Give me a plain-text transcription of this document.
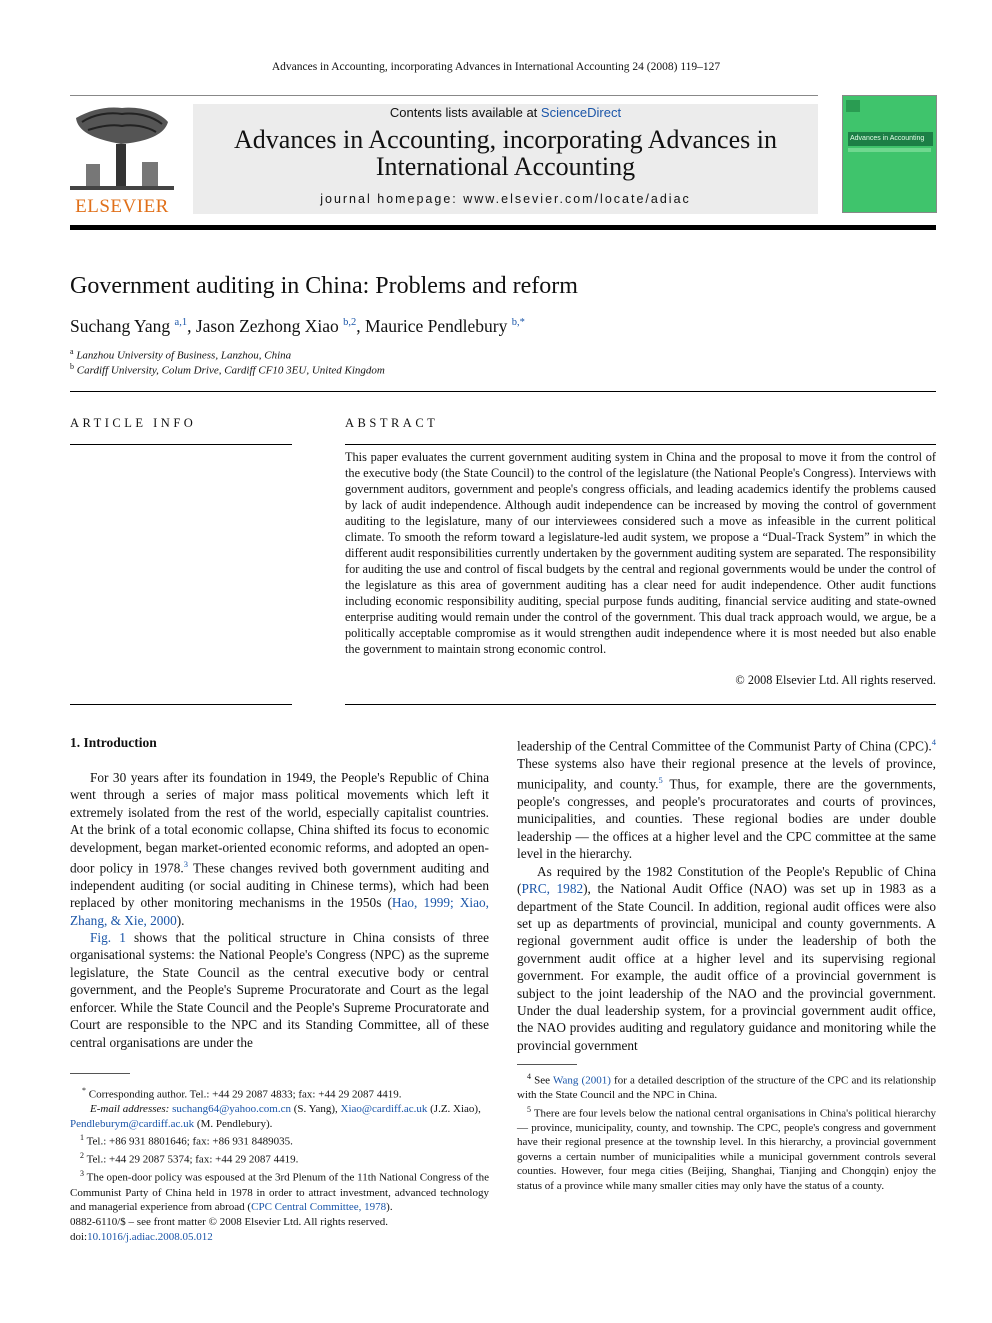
Advances in Accounting, incorporating Advances in International Accounting 24 (2008) 119–127
ELSEVIER
Contents lists available at ScienceDirect
Advances in Accounting, incorporating Advances in International Accounting
journal homepage: www.elsevier.com/locate/adiac
Advances in Accounting
Government auditing in China: Problems and reform
Suchang Yang $^{a,1}$, Jason Zezhong Xiao $^{b,2}$, Maurice Pendlebury $^{b,*}$
$^a$ Lanzhou University of Business, Lanzhou, China
$^b$ Cardiff University, Colum Drive, Cardiff CF10 3EU, United Kingdom
ARTICLE INFO	ABSTRACT
This paper evaluates the current government auditing system in China and the proposal to move it from the control of the executive body (the State Council) to the control of the legislature (the National People's Congress). Interviews with government auditors, government and people's congress officials, and leading academics identify the problems caused by lack of audit independence. Although audit independence can be increased by moving the control of government auditing to the legislature, many of our interviewees considered such a move as infeasible in the current political climate. To smooth the reform toward a legislature-led audit system, we propose a “Dual-Track System” in which the different audit responsibilities currently undertaken by the government auditing system are separated. The responsibility for auditing the use and control of fiscal budgets by the central and regional governments would be under the control of the legislature as this area of government auditing has a clear need for audit independence. Other audit functions including economic responsibility auditing, special purpose funds auditing, financial service auditing and state-owned enterprise auditing would remain under the control of the government. This dual track approach would, we argue, be a politically acceptable compromise as it would strengthen audit independence where it is most needed but also enable the government to maintain strong economic control.
© 2008 Elsevier Ltd. All rights reserved.
1. Introduction

For 30 years after its foundation in 1949, the People's Republic of China went through a series of major mass political movements which left it extremely isolated from the rest of the world, especially capitalist countries. At the brink of a total economic collapse, China shifted its focus to economic development, began market-oriented economic reforms, and adopted an open-door policy in 1978.$^3$ These changes revived both government auditing and independent auditing (or social auditing in Chinese terms), which had been replaced by other monitoring mechanisms in the 1950s (Hao, 1999; Xiao, Zhang, & Xie, 2000).

Fig. 1 shows that the political structure in China consists of three organisational systems: the National People's Congress (NPC) as the supreme legislature, the State Council as the central executive body or central government, and the People's Supreme Procuratorate and Court as the legal enforcer. While the State Council and the People's Supreme Procuratorate and Court are responsible to the NPC and its Standing Committee, all of these central organisations are under the

leadership of the Central Committee of the Communist Party of China (CPC).$^4$ These systems also have their regional presence at the levels of province, municipality, and county.$^5$ Thus, for example, there are the governments, people's congresses, and people's procuratorates and courts of provinces, municipalities, and counties. These regional bodies are under double leadership — the offices at a higher level and the CPC committee at the same level in the hierarchy.

As required by the 1982 Constitution of the People's Republic of China (PRC, 1982), the National Audit Office (NAO) was set up in 1983 as a department of the State Council. In addition, regional audit offices were also set up as departments of provincial, municipal and county governments. A regional government audit office is under the leadership of both the government audit office at a higher level and its supervising regional government. For example, the audit office of a provincial government is subject to the joint leadership of the NAO and the provincial government. Under the dual leadership system, for a provincial government audit office, the NAO provides auditing and regulatory guidance and monitoring while the provincial government

* Corresponding author. Tel.: +44 29 2087 4833; fax: +44 29 2087 4419.

E-mail addresses: suchang64@yahoo.com.cn (S. Yang), Xiao@cardiff.ac.uk (J.Z. Xiao),

Pendleburym@cardiff.ac.uk (M. Pendlebury).

$^1$ Tel.: +86 931 8801646; fax: +86 931 8489035.

$^2$ Tel.: +44 29 2087 5374; fax: +44 29 2087 4419.

$^3$ The open-door policy was espoused at the 3rd Plenum of the 11th National Congress of the Communist Party of China held in 1978 in order to attract investment, advanced technology and managerial experience from abroad (CPC Central Committee, 1978).

$^4$ See Wang (2001) for a detailed description of the structure of the CPC and its relationship with the State Council and the NPC in China.

$^5$ There are four levels below the national central organisations in China's political hierarchy — province, municipality, county, and township. The CPC, people's congress and government have their regional presence at the township level. In this hierarchy, a provincial government governs a certain number of municipalities while a municipal government controls several counties. However, four mega cities (Beijing, Shanghai, Tianjing and Chongqin) enjoy the status of a province while many smaller cities may only have the status of a county.

0882-6110/$ – see front matter © 2008 Elsevier Ltd. All rights reserved.
doi:10.1016/j.adiac.2008.05.012
